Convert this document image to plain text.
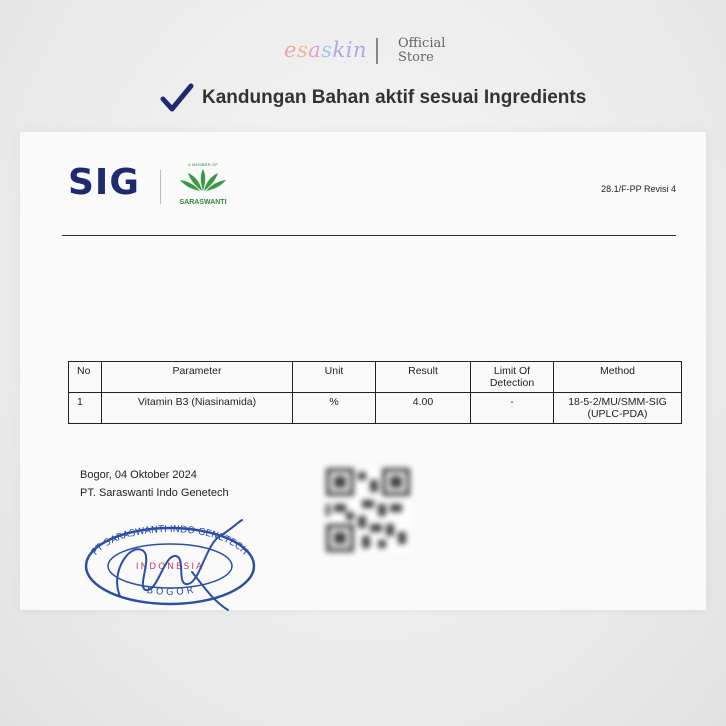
esaskin Official
Store
Kandungan Bahan aktif sesuai Ingredients
SIG	A MEMBER OF
SARASWANTI
28.1/F-PP Revisi 4
No	Parameter	Unit	Result	Limit Of Detection	Method
1	Vitamin B3 (Niasinamida)	%	4.00	-	18-5-2/MU/SMM-SIG (UPLC-PDA)
Bogor, 04 Oktober 2024
PT. Saraswanti Indo Genetech
PT SARASWANTI INDO GENETECH
INDONESIA
BOGOR
